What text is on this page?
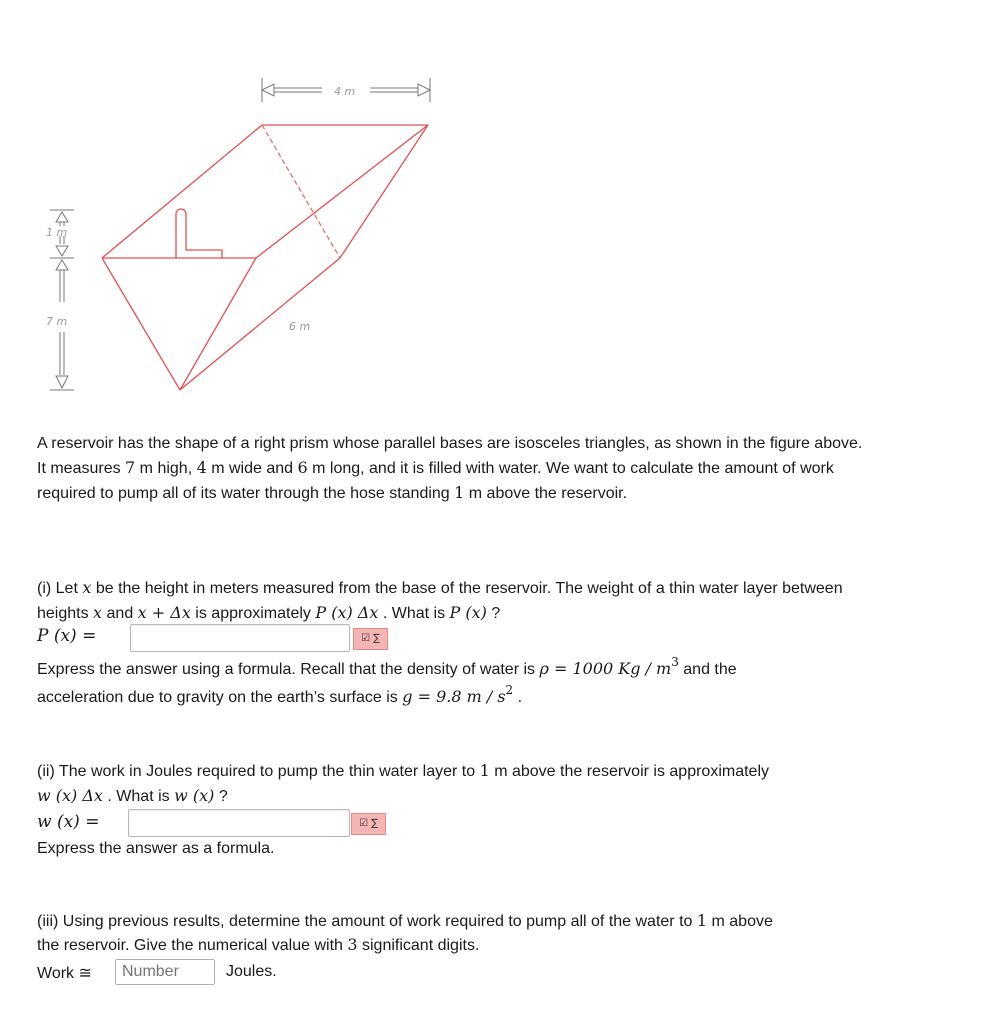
4 m
6 m
1 m
7 m
A reservoir has the shape of a right prism whose parallel bases are isosceles triangles, as shown in the figure above. It measures 7 m high, 4 m wide and 6 m long, and it is filled with water. We want to calculate the amount of work required to pump all of its water through the hose standing 1 m above the reservoir.
(i) Let x be the height in meters measured from the base of the reservoir. The weight of a thin water layer between heights x and x + Δx is approximately P (x) Δx . What is P (x) ?
P (x) =	☑ ∑
Express the answer using a formula. Recall that the density of water is ρ = 1000 Kg / $m^3$ and the
acceleration due to gravity on the earth’s surface is g = 9.8 m / $s^2$ .
(ii) The work in Joules required to pump the thin water layer to 1 m above the reservoir is approximately
w (x) Δx . What is w (x) ?
w (x) =	☑ ∑
Express the answer as a formula.
(iii) Using previous results, determine the amount of work required to pump all of the water to 1 m above
the reservoir. Give the numerical value with 3 significant digits.
Work ≅
Number	Joules.
